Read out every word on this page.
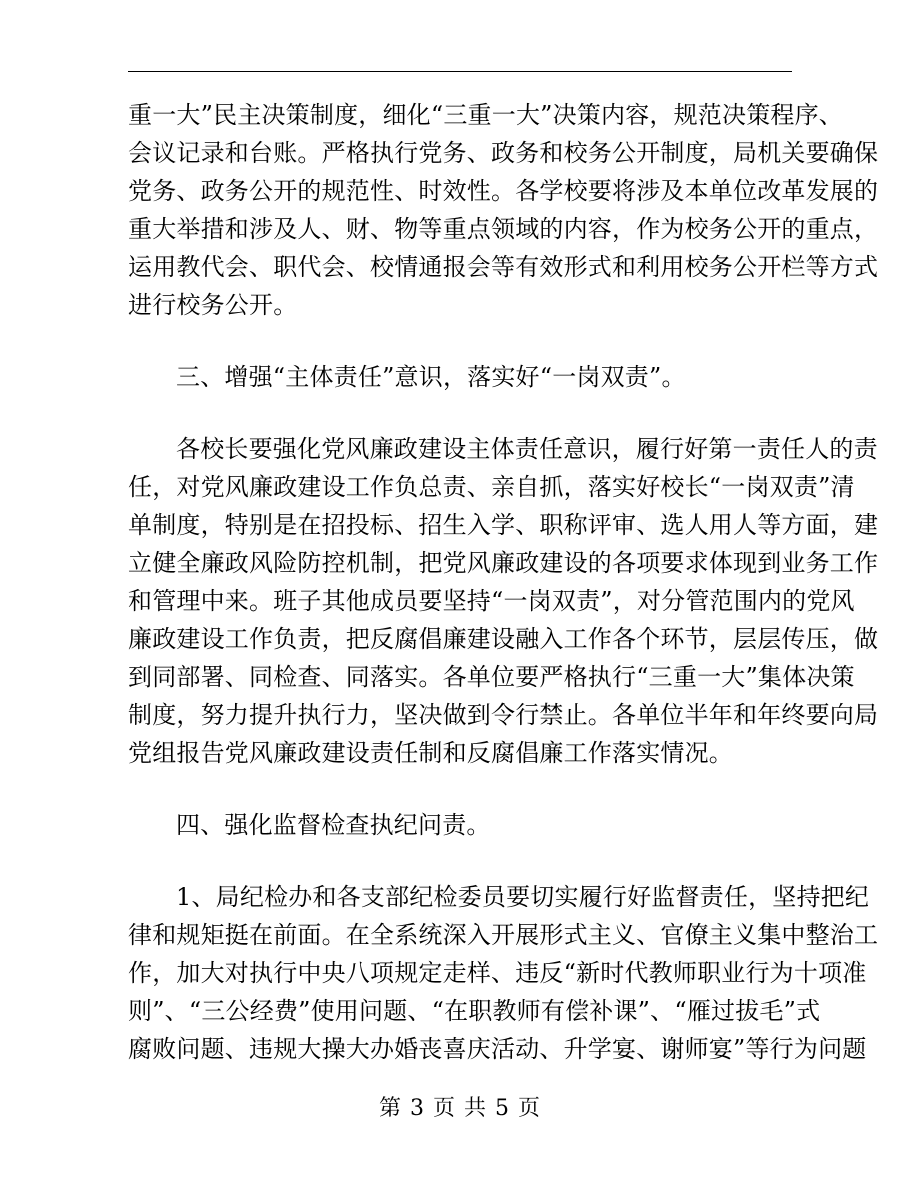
重一大”民主决策制度，细化“三重一大”决策内容，规范决策程序、
会议记录和台账。严格执行党务、政务和校务公开制度，局机关要确保
党务、政务公开的规范性、时效性。各学校要将涉及本单位改革发展的
重大举措和涉及人、财、物等重点领域的内容，作为校务公开的重点，
运用教代会、职代会、校情通报会等有效形式和利用校务公开栏等方式
进行校务公开。
三、增强“主体责任”意识，落实好“一岗双责”。
各校长要强化党风廉政建设主体责任意识，履行好第一责任人的责
任，对党风廉政建设工作负总责、亲自抓，落实好校长“一岗双责”清
单制度，特别是在招投标、招生入学、职称评审、选人用人等方面，建
立健全廉政风险防控机制，把党风廉政建设的各项要求体现到业务工作
和管理中来。班子其他成员要坚持“一岗双责”，对分管范围内的党风
廉政建设工作负责，把反腐倡廉建设融入工作各个环节，层层传压，做
到同部署、同检查、同落实。各单位要严格执行“三重一大”集体决策
制度，努力提升执行力，坚决做到令行禁止。各单位半年和年终要向局
党组报告党风廉政建设责任制和反腐倡廉工作落实情况。
四、强化监督检查执纪问责。
1、局纪检办和各支部纪检委员要切实履行好监督责任，坚持把纪
律和规矩挺在前面。在全系统深入开展形式主义、官僚主义集中整治工
作，加大对执行中央八项规定走样、违反“新时代教师职业行为十项准
则”、“三公经费”使用问题、“在职教师有偿补课”、“雁过拔毛”式
腐败问题、违规大操大办婚丧喜庆活动、升学宴、谢师宴”等行为问题
第 3 页 共 5 页
